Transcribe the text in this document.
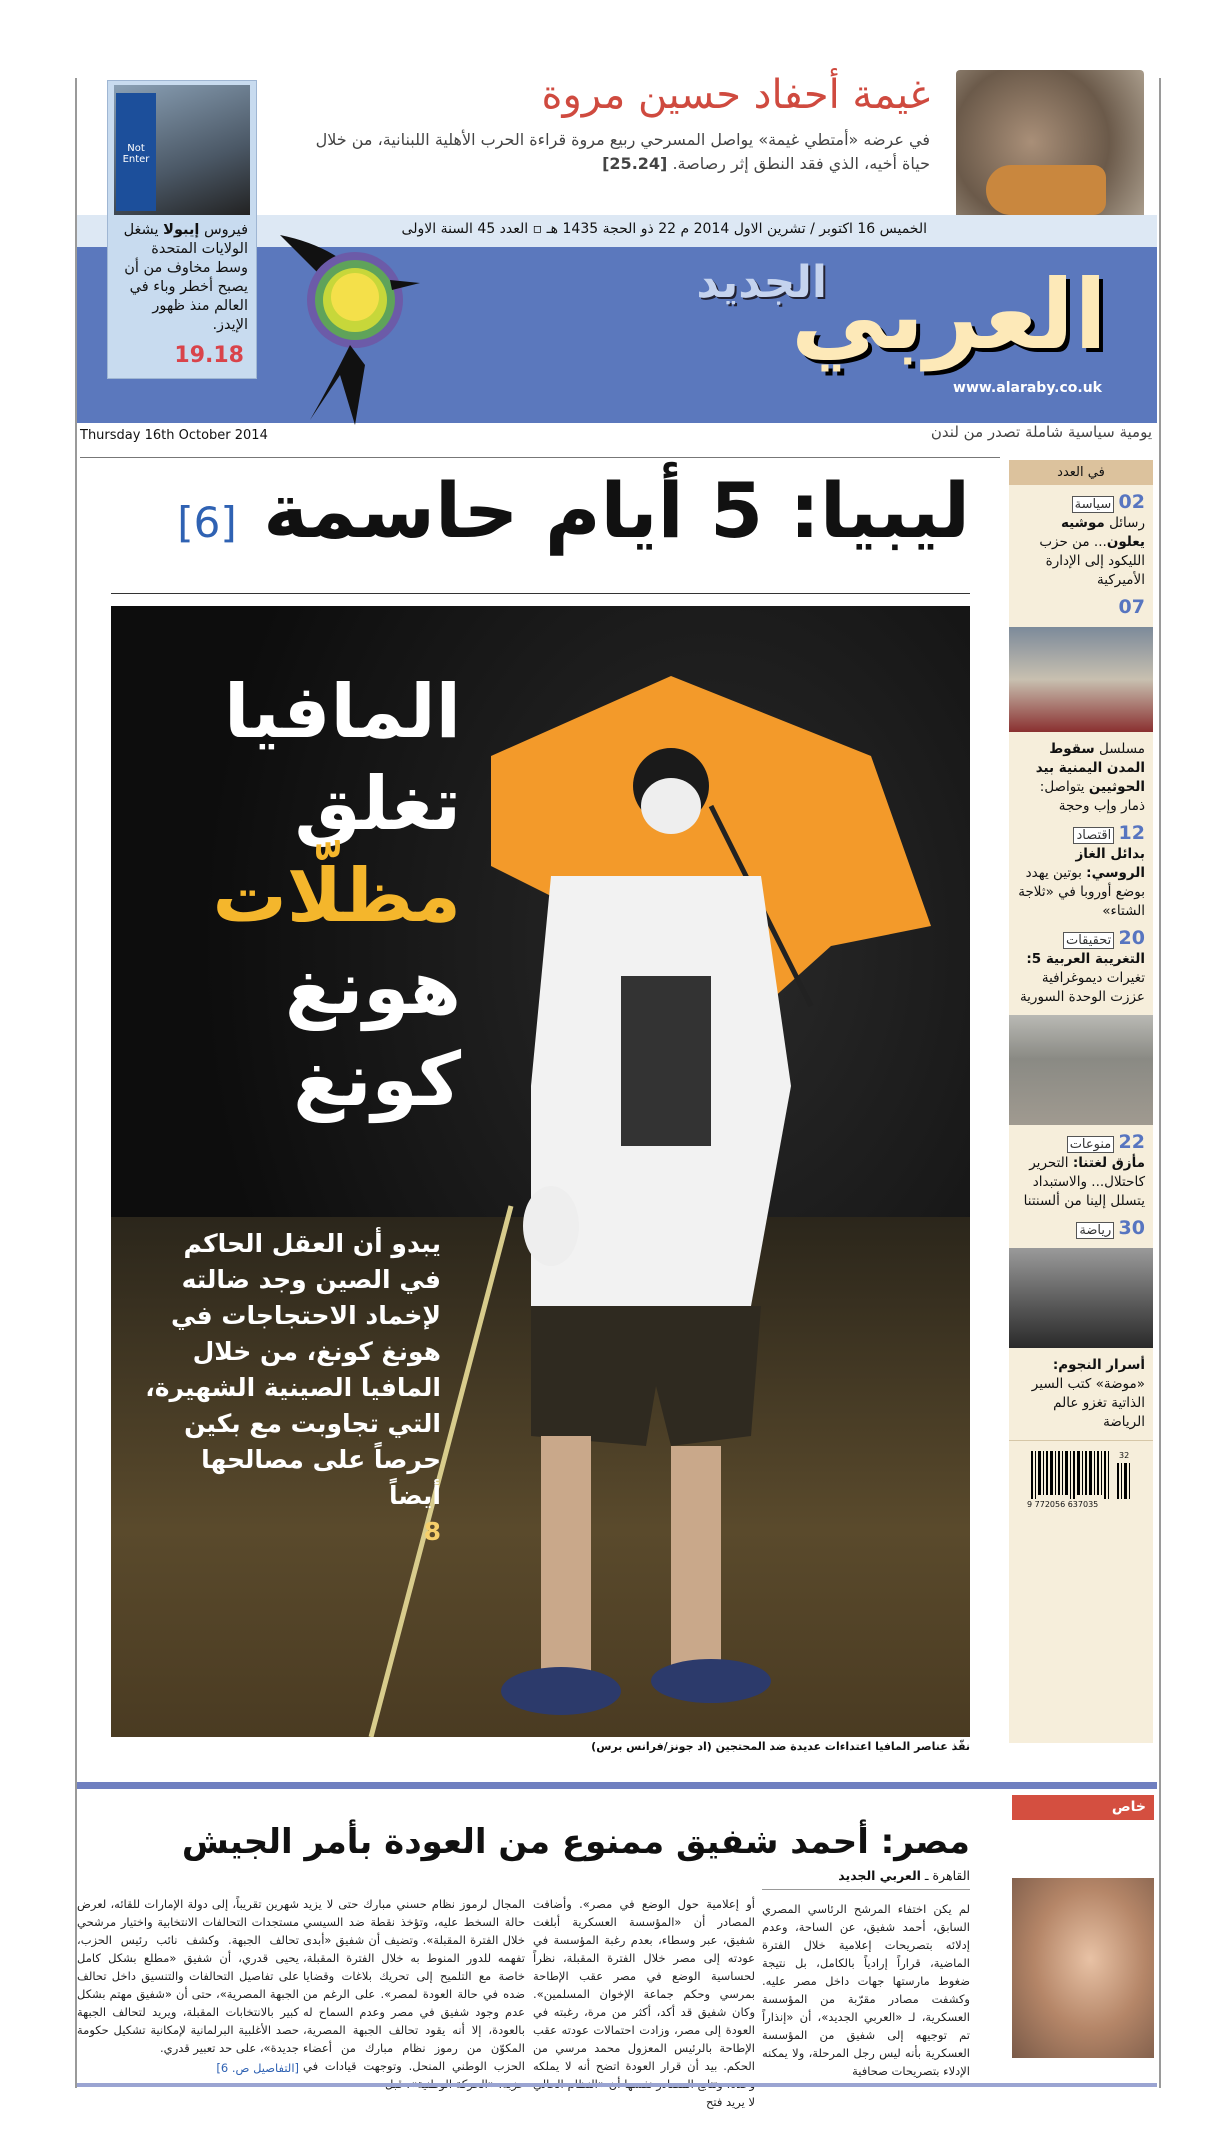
غيمة أحفاد حسين مروة
في عرضه «أمتطي غيمة» يواصل المسرحي ربيع مروة قراءة الحرب الأهلية اللبنانية، من خلال حياة أخيه، الذي فقد النطق إثر رصاصة. [25.24]
الخميس 16 اكتوبر / تشرين الاول 2014 م 22 ذو الحجة 1435 هـ ▫ العدد 45 السنة الاولى
العربي
الجديد
www.alaraby.co.uk
Not Enter
فيروس إيبولا يشغل الولايات المتحدة وسط مخاوف من أن يصبح أخطر وباء في العالم منذ ظهور الإيدز.
19.18
Thursday 16th October 2014	يومية سياسية شاملة تصدر من لندن
ليبيا: 5 أيام حاسمة [6]
المافيا
تغلق
مظلّات
هونغ
كونغ
يبدو أن العقل الحاكم في الصين وجد ضالته لإخماد الاحتجاجات في هونغ كونغ، من خلال المافيا الصينية الشهيرة، التي تجاوبت مع بكين حرصاً على مصالحها أيضاً
8
نفّذ عناصر المافيا اعتداءات عديدة ضد المحتجين (اد جونز/فرانس برس)
في العدد
02 سياسة
رسائل موشيه يعلون... من حزب الليكود إلى الإدارة الأميركية
07
مسلسل سقوط المدن اليمنية بيد الحوثيين يتواصل: ذمار وإب وحجة
12 اقتصاد
بدائل الغاز الروسي: بوتين يهدد بوضع أوروبا في «ثلاجة الشتاء»
20 تحقيقات
التغريبة العربية 5: تغيرات ديموغرافية عززت الوحدة السورية
22 منوعات
مأزق لغتنا: التحرير كاحتلال... والاستبداد يتسلل إلينا من ألسنتنا
30 رياضة
أسرار النجوم: «موضة» كتب السير الذاتية تغزو عالم الرياضة
9 772056 637035
32
خاص
مصر: أحمد شفيق ممنوع من العودة بأمر الجيش
القاهرة ـ العربي الجديد
لم يكن اختفاء المرشح الرئاسي المصري السابق، أحمد شفيق، عن الساحة، وعدم إدلائه بتصريحات إعلامية خلال الفترة الماضية، قراراً إرادياً بالكامل، بل نتيجة ضغوط مارستها جهات داخل مصر عليه. وكشفت مصادر مقرّبة من المؤسسة العسكرية، لـ «العربي الجديد»، أن «إنذاراً تم توجيهه إلى شفيق من المؤسسة العسكرية بأنه ليس رجل المرحلة، ولا يمكنه الإدلاء بتصريحات صحافية
أو إعلامية حول الوضع في مصر». وأضافت المصادر أن «المؤسسة العسكرية أبلغت شفيق، عبر وسطاء، بعدم رغبة المؤسسة في عودته إلى مصر خلال الفترة المقبلة، نظراً لحساسية الوضع في مصر عقب الإطاحة بمرسي وحكم جماعة الإخوان المسلمين». وكان شفيق قد أكد، أكثر من مرة، رغبته في العودة إلى مصر، وزادت احتمالات عودته عقب الإطاحة بالرئيس المعزول محمد مرسي من الحكم. بيد أن قرار العودة اتضح أنه لا يملكه لا يريد فتح
المجال لرموز نظام حسني مبارك حتى لا يزيد حالة السخط عليه، وتؤخذ نقطة ضد السيسي خلال الفترة المقبلة». وتضيف أن شفيق «أبدى تفهمه للدور المنوط به خلال الفترة المقبلة، خاصة مع التلميح إلى تحريك بلاغات وقضايا ضده في حالة العودة لمصر». على الرغم من عدم وجود شفيق في مصر وعدم السماح له بالعودة، إلا أنه يقود تحالف الجبهة المصرية، المكوّن من رموز نظام مبارك من أعضاء الحزب الوطني المنحل. وتوجهت قيادات في
شهرين تقريباً، إلى دولة الإمارات للقائه، لعرض مستجدات التحالفات الانتخابية واختيار مرشحي تحالف الجبهة. وكشف نائب رئيس الحزب، يحيى قدري، أن شفيق «مطلع بشكل كامل على تفاصيل التحالفات والتنسيق داخل تحالف الجبهة المصرية»، حتى أن «شفيق مهتم بشكل كبير بالانتخابات المقبلة، ويريد لتحالف الجبهة حصد الأغلبية البرلمانية لإمكانية تشكيل حكومة جديدة»، على حد تعبير قدري.
[التفاصيل ص. 6]
